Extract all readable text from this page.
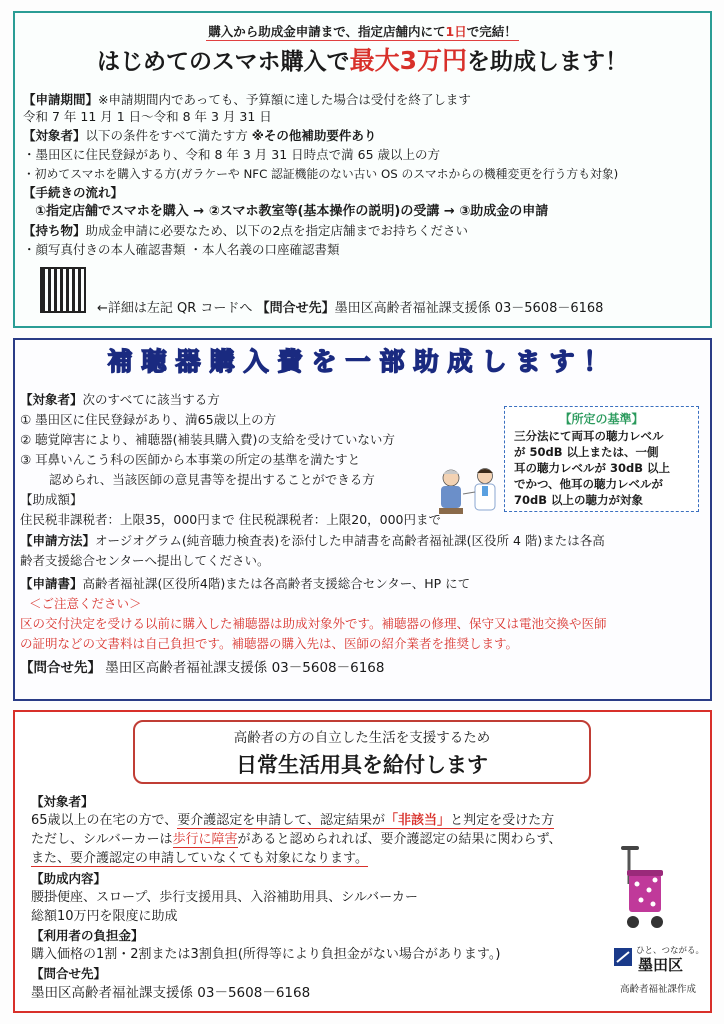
購入から助成金申請まで、指定店舗内にて1日で完結！
はじめてのスマホ購入で最大3万円を助成します！
【申請期間】※申請期間内であっても、予算額に達した場合は受付を終了します
令和 7 年 11 月 1 日～令和 8 年 3 月 31 日
【対象者】以下の条件をすべて満たす方 ※その他補助要件あり
・墨田区に住民登録があり、令和 8 年 3 月 31 日時点で満 65 歳以上の方
・初めてスマホを購入する方(ガラケーや NFC 認証機能のない古い OS のスマホからの機種変更を行う方も対象)
【手続きの流れ】
①指定店舗でスマホを購入 → ②スマホ教室等(基本操作の説明)の受講 → ③助成金の申請
【持ち物】助成金申請に必要なため、以下の2点を指定店舗までお持ちください
・顔写真付きの本人確認書類 ・本人名義の口座確認書類
←詳細は左記 QR コードへ 【問合せ先】墨田区高齢者福祉課支援係 03－5608－6168
補聴器購入費を一部助成します！
【対象者】次のすべてに該当する方
① 墨田区に住民登録があり、満65歳以上の方
② 聴覚障害により、補聴器(補装具購入費)の支給を受けていない方
③ 耳鼻いんこう科の医師から本事業の所定の基準を満たすと
認められ、当該医師の意見書等を提出することができる方
【所定の基準】
三分法にて両耳の聴力レベル
が 50dB 以上または、一側
耳の聴力レベルが 30dB 以上
でかつ、他耳の聴力レベルが
70dB 以上の聴力が対象
【助成額】
住民税非課税者：上限35，000円まで 住民税課税者：上限20，000円まで
【申請方法】オージオグラム(純音聴力検査表)を添付した申請書を高齢者福祉課(区役所 4 階)または各高
齢者支援総合センターへ提出してください。
【申請書】高齢者福祉課(区役所4階)または各高齢者支援総合センター、HP にて
＜ご注意ください＞
区の交付決定を受ける以前に購入した補聴器は助成対象外です。補聴器の修理、保守又は電池交換や医師
の証明などの文書料は自己負担です。補聴器の購入先は、医師の紹介業者を推奨します。
【問合せ先】 墨田区高齢者福祉課支援係 03－5608－6168
高齢者の方の自立した生活を支援するため
日常生活用具を給付します
【対象者】
65歳以上の在宅の方で、要介護認定を申請して、認定結果が「非該当」と判定を受けた方
ただし、シルバーカーは歩行に障害があると認められれば、要介護認定の結果に関わらず、
また、要介護認定の申請していなくても対象になります。
【助成内容】
腰掛便座、スロープ、歩行支援用具、入浴補助用具、シルバーカー
総額10万円を限度に助成
【利用者の負担金】
購入価格の1割・2割または3割負担(所得等により負担金がない場合があります。)
【問合せ先】
墨田区高齢者福祉課支援係 03－5608－6168
ひと、つながる。
墨田区
高齢者福祉課作成
